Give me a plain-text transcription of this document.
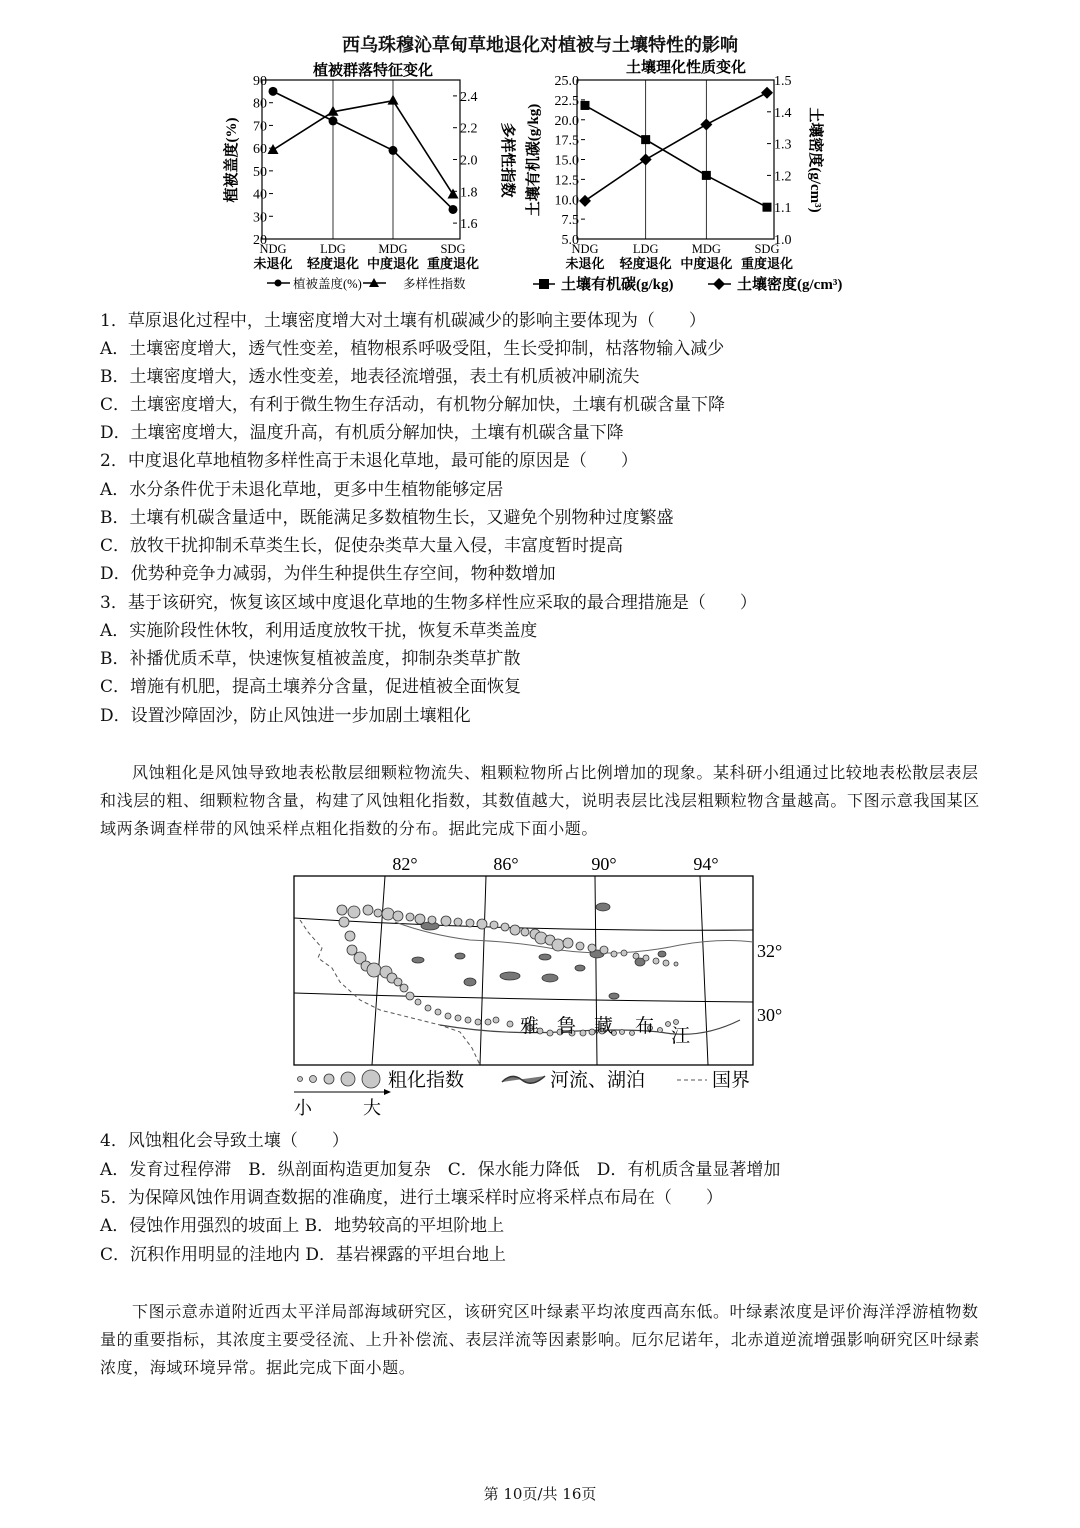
西乌珠穆沁草甸草地退化对植被与土壤特性的影响
植被群落特征变化
90
80
70
60
50
40
30
20
2.4
2.2
2.0
1.8
1.6
植被盖度(%)	多样性指数
NDG
未退化
LDG
轻度退化
MDG
中度退化
SDG
重度退化
植被盖度(%)	多样性指数
土壤理化性质变化
25.0
22.5
20.0
17.5
15.0
12.5
10.0
7.5
5.0
1.5
1.4
1.3
1.2
1.1
1.0
土壤有机碳(g/kg)	土壤密度(g/cm³)
NDG
未退化
LDG
轻度退化
MDG
中度退化
SDG
重度退化
土壤有机碳(g/kg)	土壤密度(g/cm³)
1．草原退化过程中，土壤密度增大对土壤有机碳减少的影响主要体现为（　　）
A．土壤密度增大，透气性变差，植物根系呼吸受阻，生长受抑制，枯落物输入减少
B．土壤密度增大，透水性变差，地表径流增强，表土有机质被冲刷流失
C．土壤密度增大，有利于微生物生存活动，有机物分解加快，土壤有机碳含量下降
D．土壤密度增大，温度升高，有机质分解加快，土壤有机碳含量下降
2．中度退化草地植物多样性高于未退化草地，最可能的原因是（　　）
A．水分条件优于未退化草地，更多中生植物能够定居
B．土壤有机碳含量适中，既能满足多数植物生长，又避免个别物种过度繁盛
C．放牧干扰抑制禾草类生长，促使杂类草大量入侵，丰富度暂时提高
D．优势种竞争力减弱，为伴生种提供生存空间，物种数增加
3．基于该研究，恢复该区域中度退化草地的生物多样性应采取的最合理措施是（　　）
A．实施阶段性休牧，利用适度放牧干扰，恢复禾草类盖度
B．补播优质禾草，快速恢复植被盖度，抑制杂类草扩散
C．增施有机肥，提高土壤养分含量，促进植被全面恢复
D．设置沙障固沙，防止风蚀进一步加剧土壤粗化
风蚀粗化是风蚀导致地表松散层细颗粒物流失、粗颗粒物所占比例增加的现象。某科研小组通过比较地表松散层表层和浅层的粗、细颗粒物含量，构建了风蚀粗化指数，其数值越大，说明表层比浅层粗颗粒物含量越高。下图示意我国某区域两条调查样带的风蚀采样点粗化指数的分布。据此完成下面小题。
82°	86°	90°	94°
32°
30°
雅 鲁 藏 布 江
粗化指数
小	大
河流、湖泊	国界
4．风蚀粗化会导致土壤（　　）
A．发育过程停滞　B．纵剖面构造更加复杂　C．保水能力降低　D．有机质含量显著增加
5．为保障风蚀作用调查数据的准确度，进行土壤采样时应将采样点布局在（　　）
A．侵蚀作用强烈的坡面上 B．地势较高的平坦阶地上
C．沉积作用明显的洼地内 D．基岩裸露的平坦台地上
下图示意赤道附近西太平洋局部海域研究区，该研究区叶绿素平均浓度西高东低。叶绿素浓度是评价海洋浮游植物数量的重要指标，其浓度主要受径流、上升补偿流、表层洋流等因素影响。厄尔尼诺年，北赤道逆流增强影响研究区叶绿素浓度，海域环境异常。据此完成下面小题。
第 10页/共 16页
